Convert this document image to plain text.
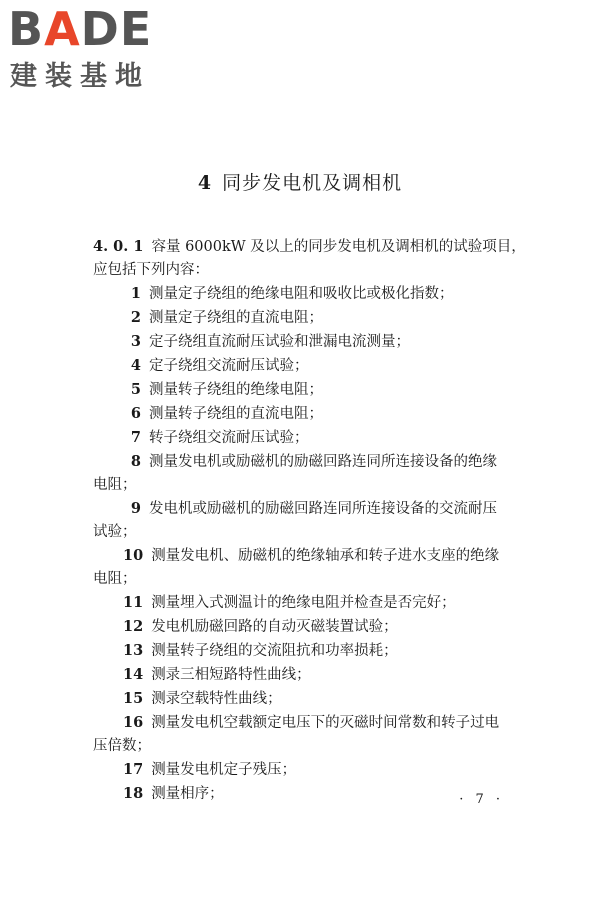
BADE
建装基地
4 同步发电机及调相机
4. 0. 1 容量 6000kW 及以上的同步发电机及调相机的试验项目，
应包括下列内容：
1 测量定子绕组的绝缘电阻和吸收比或极化指数；
2 测量定子绕组的直流电阻；
3 定子绕组直流耐压试验和泄漏电流测量；
4 定子绕组交流耐压试验；
5 测量转子绕组的绝缘电阻；
6 测量转子绕组的直流电阻；
7 转子绕组交流耐压试验；
8 测量发电机或励磁机的励磁回路连同所连接设备的绝缘
电阻；
9 发电机或励磁机的励磁回路连同所连接设备的交流耐压
试验；
10 测量发电机、励磁机的绝缘轴承和转子进水支座的绝缘
电阻；
11 测量埋入式测温计的绝缘电阻并检查是否完好；
12 发电机励磁回路的自动灭磁装置试验；
13 测量转子绕组的交流阻抗和功率损耗；
14 测录三相短路特性曲线；
15 测录空载特性曲线；
16 测量发电机空载额定电压下的灭磁时间常数和转子过电
压倍数；
17 测量发电机定子残压；
18 测量相序；	· 7 ·
